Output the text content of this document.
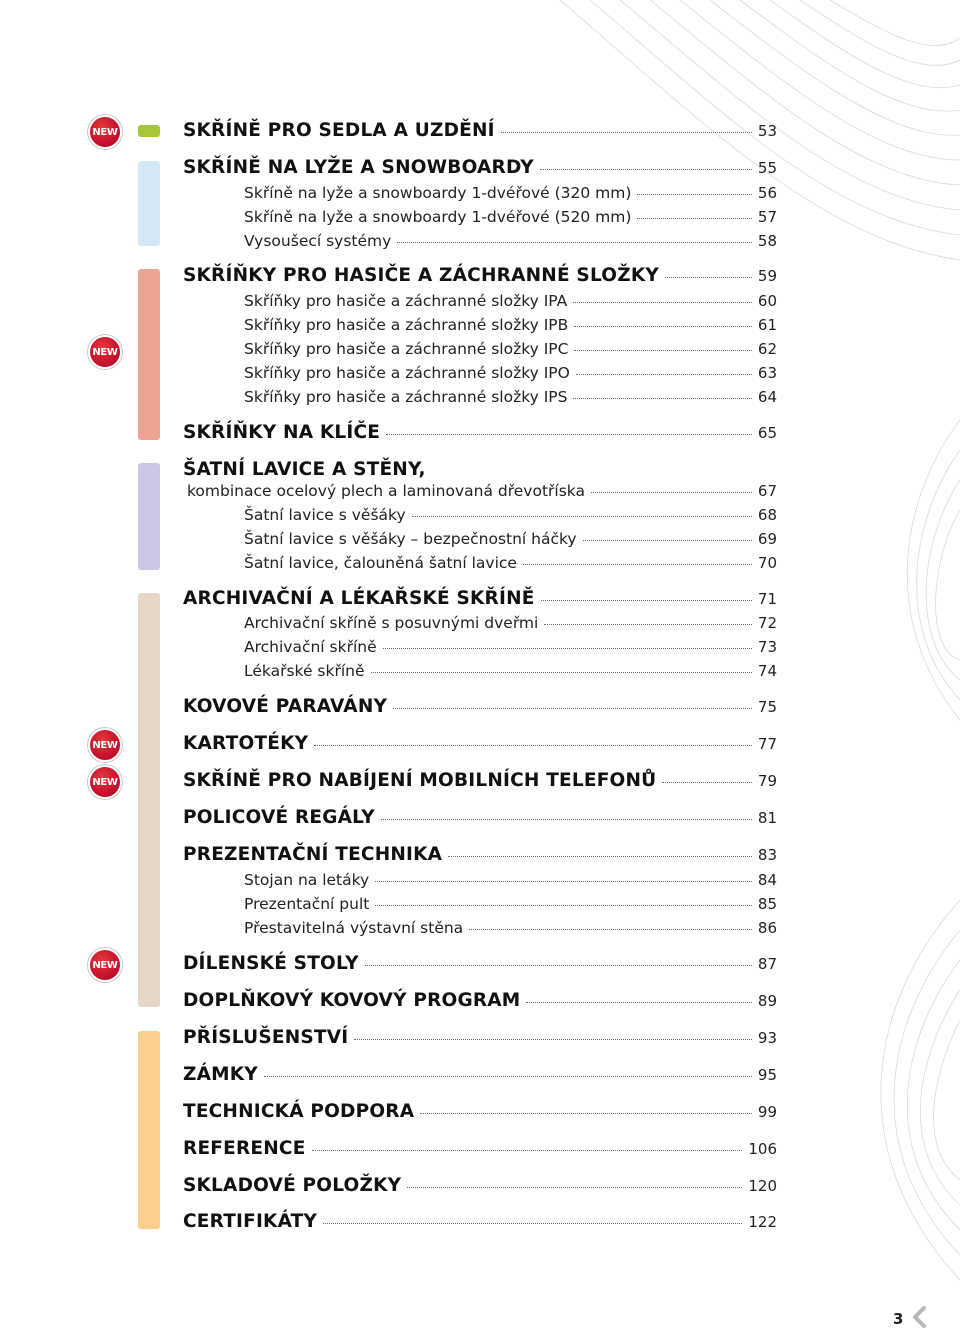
NEW
NEW
NEW
NEW
NEW
SKŘÍNĚ PRO SEDLA A UZDĚNÍ	53
SKŘÍNĚ NA LYŽE A SNOWBOARDY	55
Skříně na lyže a snowboardy 1-dvéřové (320 mm)	56
Skříně na lyže a snowboardy 1-dvéřové (520 mm)	57
Vysoušecí systémy	58
SKŘÍŇKY PRO HASIČE A ZÁCHRANNÉ SLOŽKY	59
Skříňky pro hasiče a záchranné složky IPA	60
Skříňky pro hasiče a záchranné složky IPB	61
Skříňky pro hasiče a záchranné složky IPC	62
Skříňky pro hasiče a záchranné složky IPO	63
Skříňky pro hasiče a záchranné složky IPS	64
SKŘÍŇKY NA KLÍČE	65
ŠATNÍ LAVICE A STĚNY,
kombinace ocelový plech a laminovaná dřevotříska	67
Šatní lavice s věšáky	68
Šatní lavice s věšáky – bezpečnostní háčky	69
Šatní lavice, čalouněná šatní lavice	70
ARCHIVAČNÍ A LÉKAŘSKÉ SKŘÍNĚ	71
Archivační skříně s posuvnými dveřmi	72
Archivační skříně	73
Lékařské skříně	74
KOVOVÉ PARAVÁNY	75
KARTOTÉKY	77
SKŘÍNĚ PRO NABÍJENÍ MOBILNÍCH TELEFONŮ	79
POLICOVÉ REGÁLY	81
PREZENTAČNÍ TECHNIKA	83
Stojan na letáky	84
Prezentační pult	85
Přestavitelná výstavní stěna	86
DÍLENSKÉ STOLY	87
DOPLŇKOVÝ KOVOVÝ PROGRAM	89
PŘÍSLUŠENSTVÍ	93
ZÁMKY	95
TECHNICKÁ PODPORA	99
REFERENCE	106
SKLADOVÉ POLOŽKY	120
CERTIFIKÁTY	122
3
